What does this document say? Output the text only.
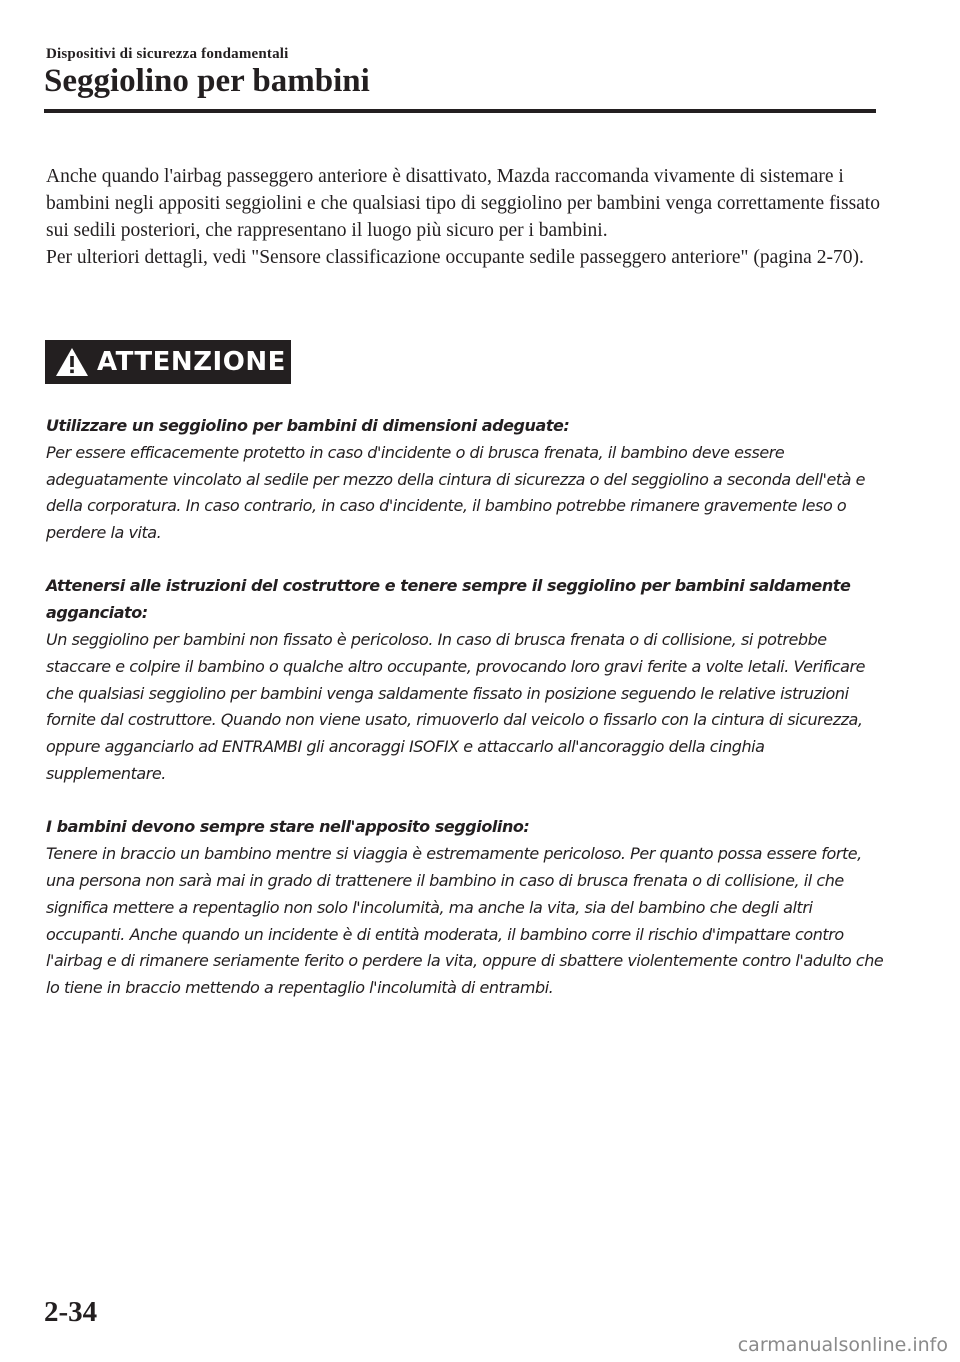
Dispositivi di sicurezza fondamentali
Seggiolino per bambini

Anche quando l'airbag passeggero anteriore è disattivato, Mazda raccomanda vivamente di sistemare i bambini negli appositi seggiolini e che qualsiasi tipo di seggiolino per bambini venga correttamente fissato sui sedili posteriori, che rappresentano il luogo più sicuro per i bambini.

Per ulteriori dettagli, vedi "Sensore classificazione occupante sedile passeggero anteriore" (pagina 2-70).

ATTENZIONE

Utilizzare un seggiolino per bambini di dimensioni adeguate:

Per essere efficacemente protetto in caso d'incidente o di brusca frenata, il bambino deve essere adeguatamente vincolato al sedile per mezzo della cintura di sicurezza o del seggiolino a seconda dell'età e della corporatura. In caso contrario, in caso d'incidente, il bambino potrebbe rimanere gravemente leso o perdere la vita.

Attenersi alle istruzioni del costruttore e tenere sempre il seggiolino per bambini saldamente agganciato:

Un seggiolino per bambini non fissato è pericoloso. In caso di brusca frenata o di collisione, si potrebbe staccare e colpire il bambino o qualche altro occupante, provocando loro gravi ferite a volte letali. Verificare che qualsiasi seggiolino per bambini venga saldamente fissato in posizione seguendo le relative istruzioni fornite dal costruttore. Quando non viene usato, rimuoverlo dal veicolo o fissarlo con la cintura di sicurezza, oppure agganciarlo ad ENTRAMBI gli ancoraggi ISOFIX e attaccarlo all'ancoraggio della cinghia supplementare.

I bambini devono sempre stare nell'apposito seggiolino:

Tenere in braccio un bambino mentre si viaggia è estremamente pericoloso. Per quanto possa essere forte, una persona non sarà mai in grado di trattenere il bambino in caso di brusca frenata o di collisione, il che significa mettere a repentaglio non solo l'incolumità, ma anche la vita, sia del bambino che degli altri occupanti. Anche quando un incidente è di entità moderata, il bambino corre il rischio d'impattare contro l'airbag e di rimanere seriamente ferito o perdere la vita, oppure di sbattere violentemente contro l'adulto che lo tiene in braccio mettendo a repentaglio l'incolumità di entrambi.

2-34
carmanualsonline.info
